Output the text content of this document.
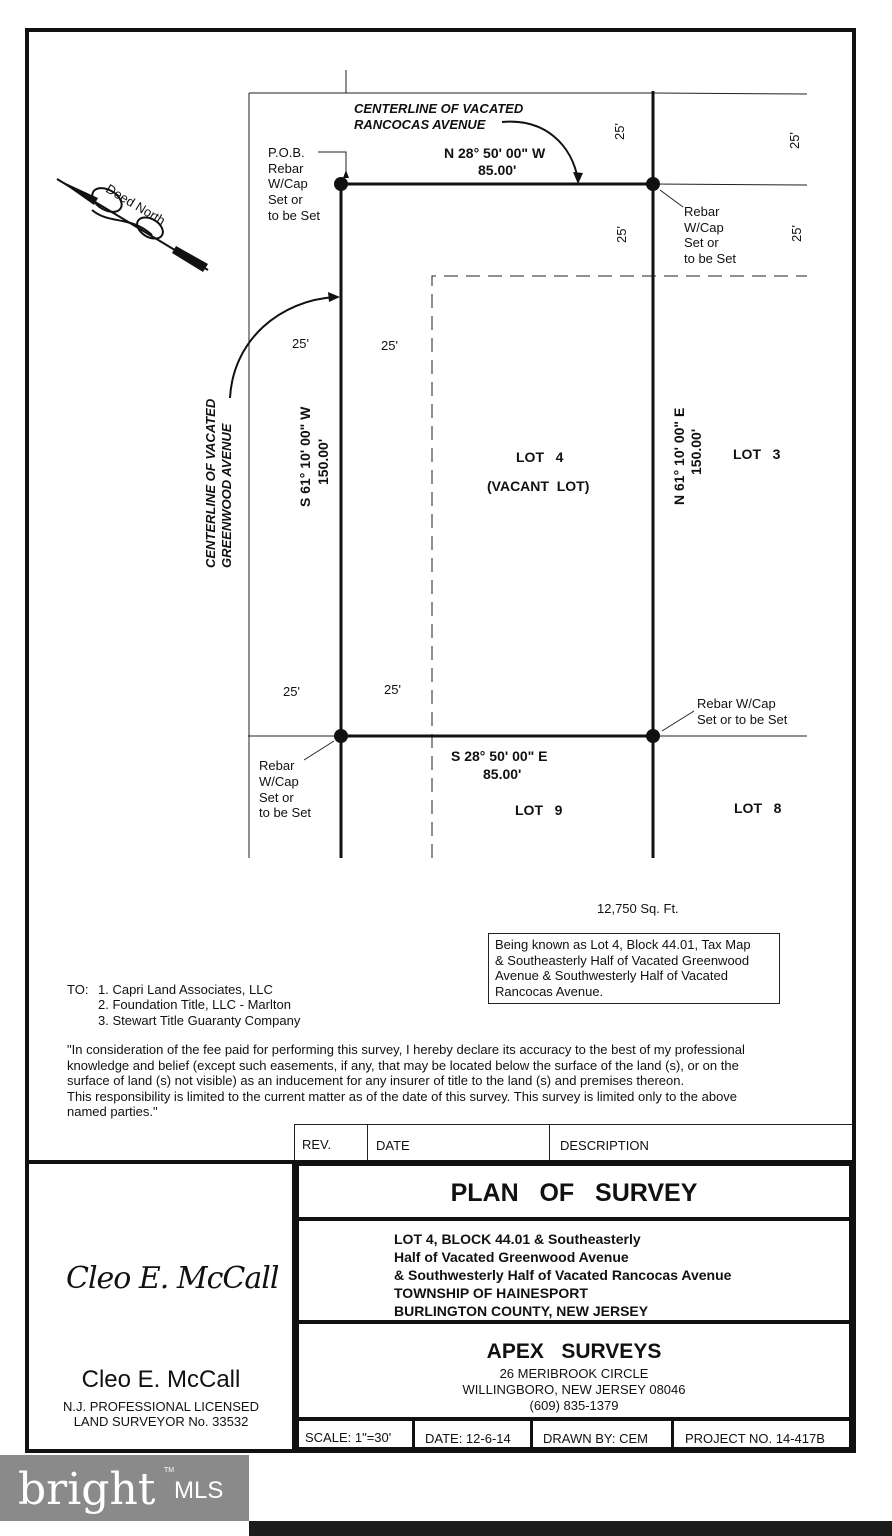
CENTERLINE OF VACATED
RANCOCAS AVENUE
P.O.B.
Rebar
W/Cap
Set or
to be Set
N 28° 50' 00" W
85.00'
25'
25'
25'	25'
Rebar
W/Cap
Set or
to be Set
Deed North
25'	25'
CENTERLINE OF VACATED GREENWOOD AVENUE	S 61° 10' 00" W 150.00'	N 61° 10' 00" E 150.00'
LOT   4
(VACANT  LOT)
LOT   3
25'	25'
Rebar W/Cap
Set or to be Set
Rebar
W/Cap
Set or
to be Set
S 28° 50' 00" E
85.00'
LOT   9	LOT   8
12,750 Sq. Ft.
Being known as Lot 4, Block 44.01, Tax Map
& Southeasterly Half of Vacated Greenwood
Avenue & Southwesterly Half of Vacated
Rancocas Avenue.
TO: 1. Capri Land Associates, LLC
2. Foundation Title, LLC - Marlton
3. Stewart Title Guaranty Company
"In consideration of the fee paid for performing this survey, I hereby declare its accuracy to the best of my professional
knowledge and belief (except such easements, if any, that may be located below the surface of the land (s), or on the
surface of land (s) not visible) as an inducement for any insurer of title to the land (s) and premises thereon.
This responsibility is limited to the current matter as of the date of this survey. This survey is limited only to the above
named parties."
REV.	DATE	DESCRIPTION
PLAN   OF   SURVEY
LOT 4, BLOCK 44.01 & Southeasterly
Half of Vacated Greenwood Avenue
& Southwesterly Half of Vacated Rancocas Avenue
TOWNSHIP OF HAINESPORT
BURLINGTON COUNTY, NEW JERSEY
APEX   SURVEYS
26 MERIBROOK CIRCLE
WILLINGBORO, NEW JERSEY 08046
(609) 835-1379
SCALE: 1"=30'	DATE: 12-6-14 DRAWN BY: CEM	PROJECT NO. 14-417B
Cleo E. McCall
Cleo E. McCall
N.J. PROFESSIONAL LICENSED
LAND SURVEYOR No. 33532
bright MLS
TM
